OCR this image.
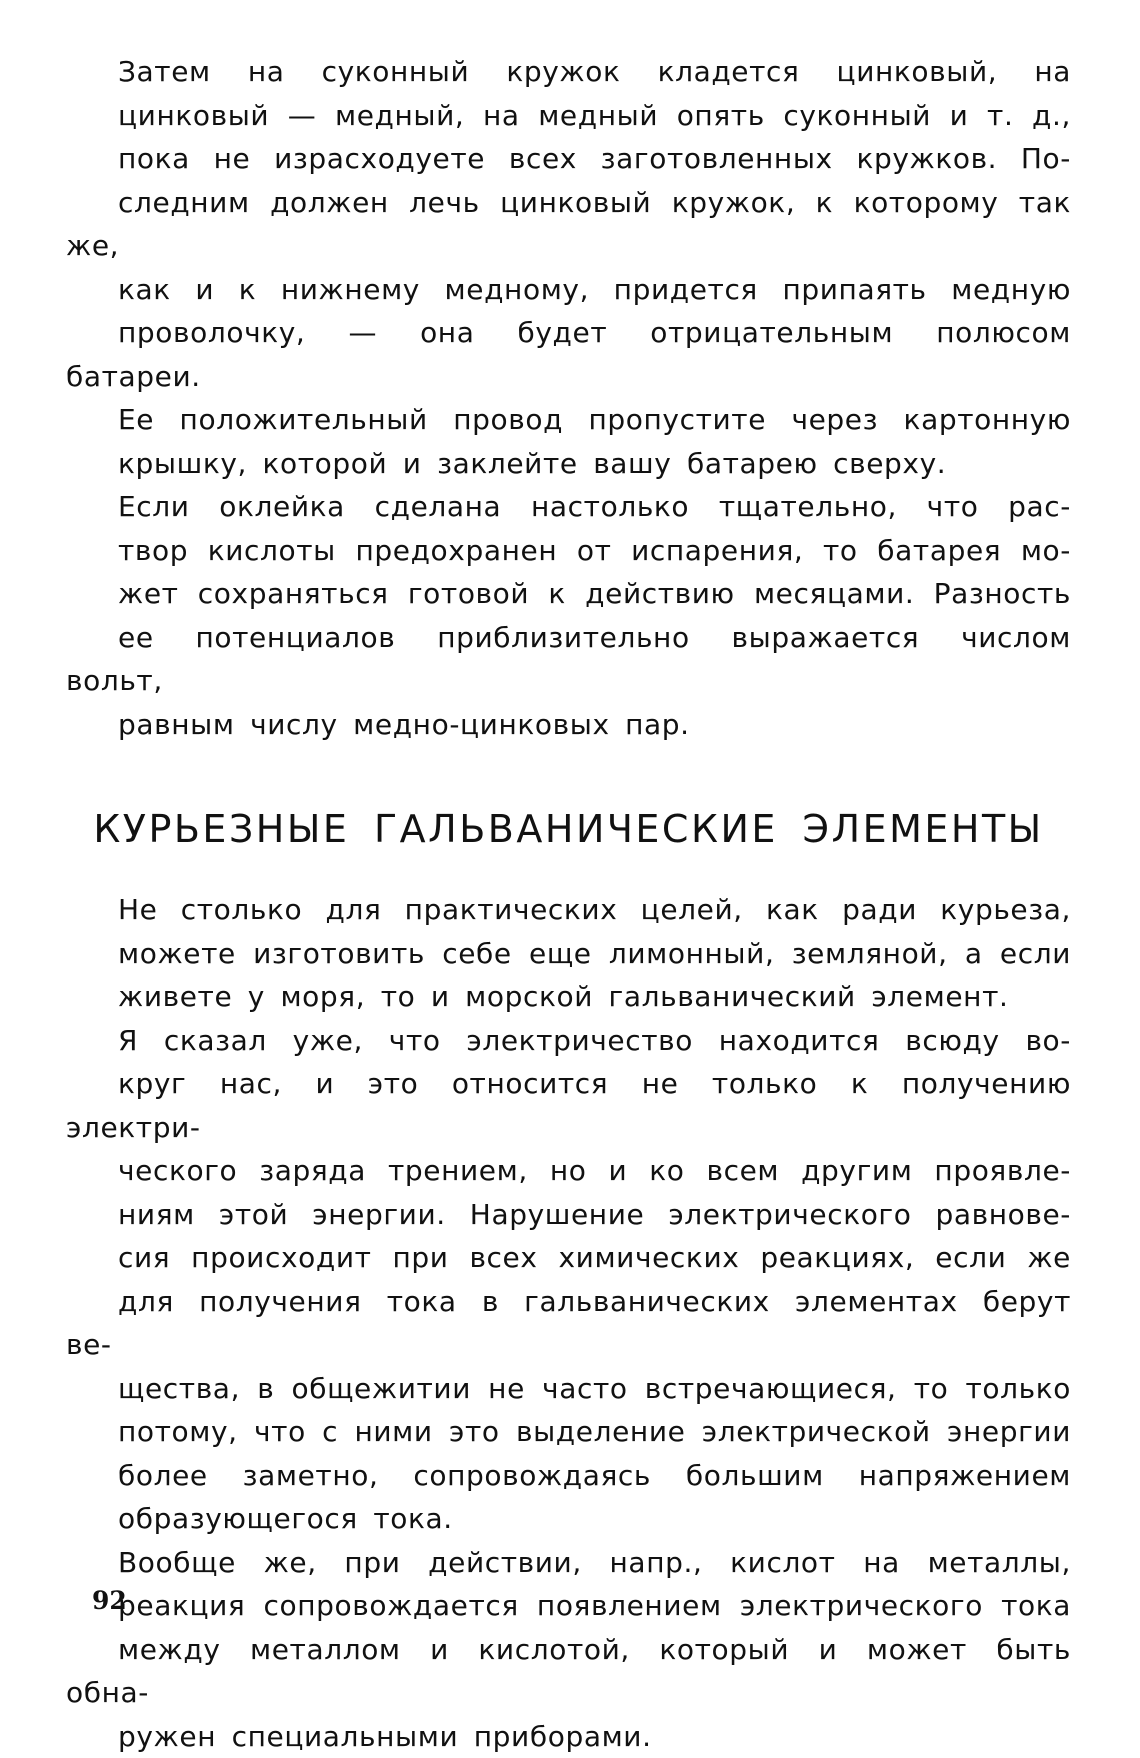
Затем на суконный кружок кладется цинковый, на
цинковый — медный, на медный опять суконный и т. д.,
пока не израсходуете всех заготовленных кружков. По-
следним должен лечь цинковый кружок, к которому так же,
как и к нижнему медному, придется припаять медную
проволочку, — она будет отрицательным полюсом батареи.
Ее положительный провод пропустите через картонную
крышку, которой и заклейте вашу батарею сверху.

Если оклейка сделана настолько тщательно, что рас-
твор кислоты предохранен от испарения, то батарея мо-
жет сохраняться готовой к действию месяцами. Разность
ее потенциалов приблизительно выражается числом вольт,
равным числу медно-цинковых пар.

КУРЬЕЗНЫЕ ГАЛЬВАНИЧЕСКИЕ ЭЛЕМЕНТЫ

Не столько для практических целей, как ради курьеза,
можете изготовить себе еще лимонный, земляной, а если
живете у моря, то и морской гальванический элемент.

Я сказал уже, что электричество находится всюду во-
круг нас, и это относится не только к получению электри-
ческого заряда трением, но и ко всем другим проявле-
ниям этой энергии. Нарушение электрического равнове-
сия происходит при всех химических реакциях, если же
для получения тока в гальванических элементах берут ве-
щества, в общежитии не часто встречающиеся, то только
потому, что с ними это выделение электрической энергии
более заметно, сопровождаясь большим напряжением
образующегося тока.

Вообще же, при действии, напр., кислот на металлы,
реакция сопровождается появлением электрического тока
между металлом и кислотой, который и может быть обна-
ружен специальными приборами.

92
